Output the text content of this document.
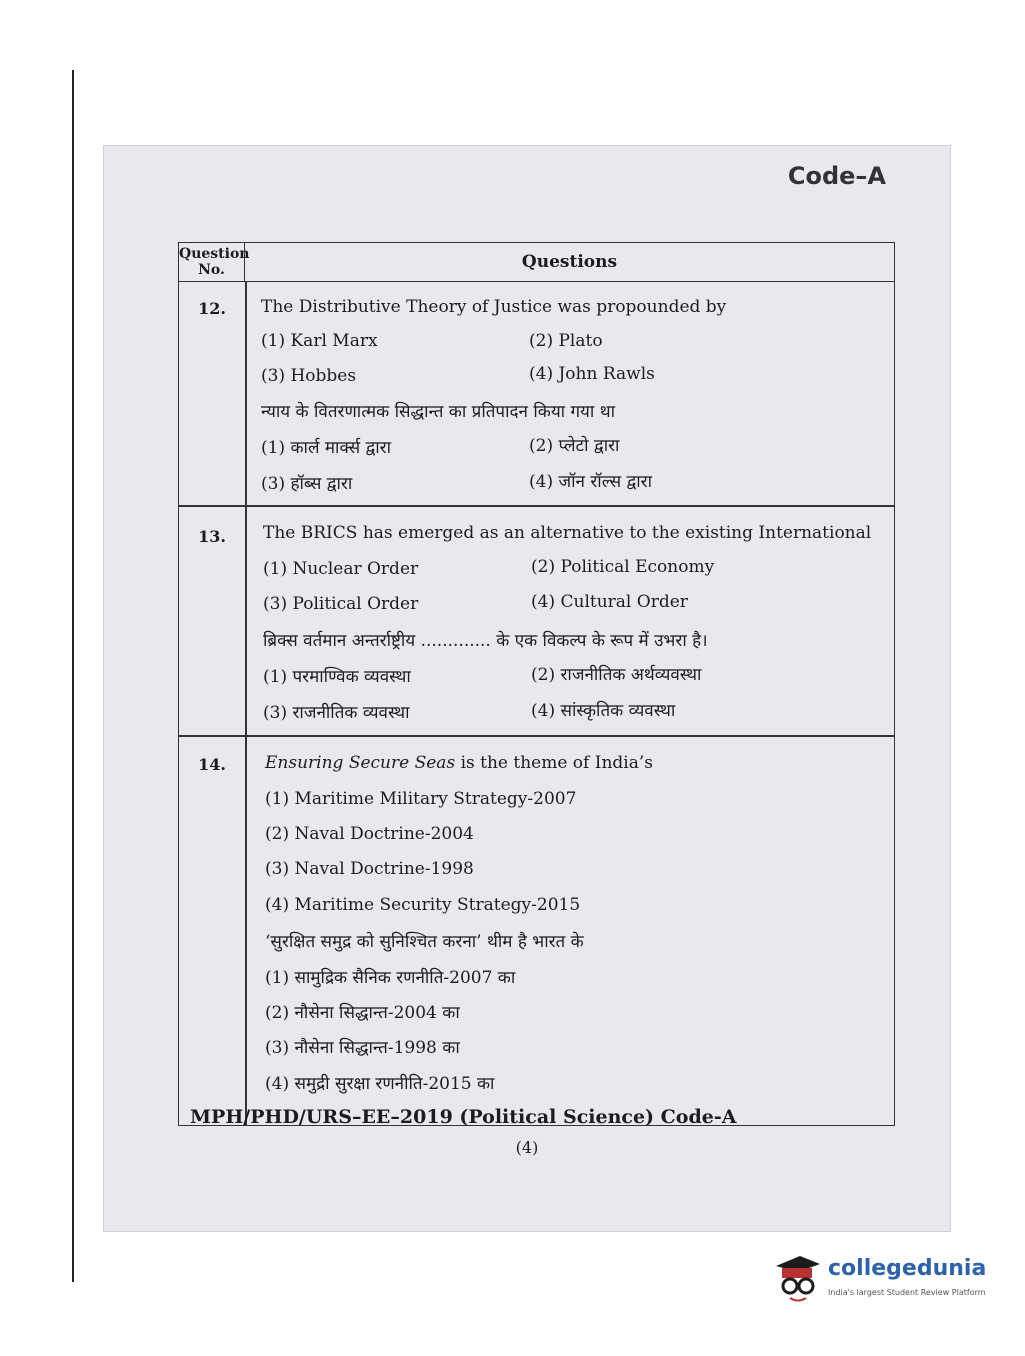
Code–A
Question No.	Questions
12.	The Distributive Theory of Justice was propounded by
(1) Karl Marx	(2) Plato
(3) Hobbes	(4) John Rawls
न्याय के वितरणात्मक सिद्धान्त का प्रतिपादन किया गया था
(1) कार्ल मार्क्स द्वारा	(2) प्लेटो द्वारा
(3) हॉब्स द्वारा	(4) जॉन रॉल्स द्वारा
13.	The BRICS has emerged as an alternative to the existing International
(1) Nuclear Order	(2) Political Economy
(3) Political Order	(4) Cultural Order
ब्रिक्स वर्तमान अन्तर्राष्ट्रीय ............. के एक विकल्प के रूप में उभरा है।
(1) परमाण्विक व्यवस्था	(2) राजनीतिक अर्थव्यवस्था
(3) राजनीतिक व्यवस्था	(4) सांस्कृतिक व्यवस्था
14.	Ensuring Secure Seas is the theme of India’s
(1) Maritime Military Strategy-2007
(2) Naval Doctrine-2004
(3) Naval Doctrine-1998
(4) Maritime Security Strategy-2015
‘सुरक्षित समुद्र को सुनिश्चित करना’ थीम है भारत के
(1) सामुद्रिक सैनिक रणनीति-2007 का
(2) नौसेना सिद्धान्त-2004 का
(3) नौसेना सिद्धान्त-1998 का
(4) समुद्री सुरक्षा रणनीति-2015 का
MPH/PHD/URS–EE–2019 (Political Science) Code-A
(4)
collegedunia
India's largest Student Review Platform
